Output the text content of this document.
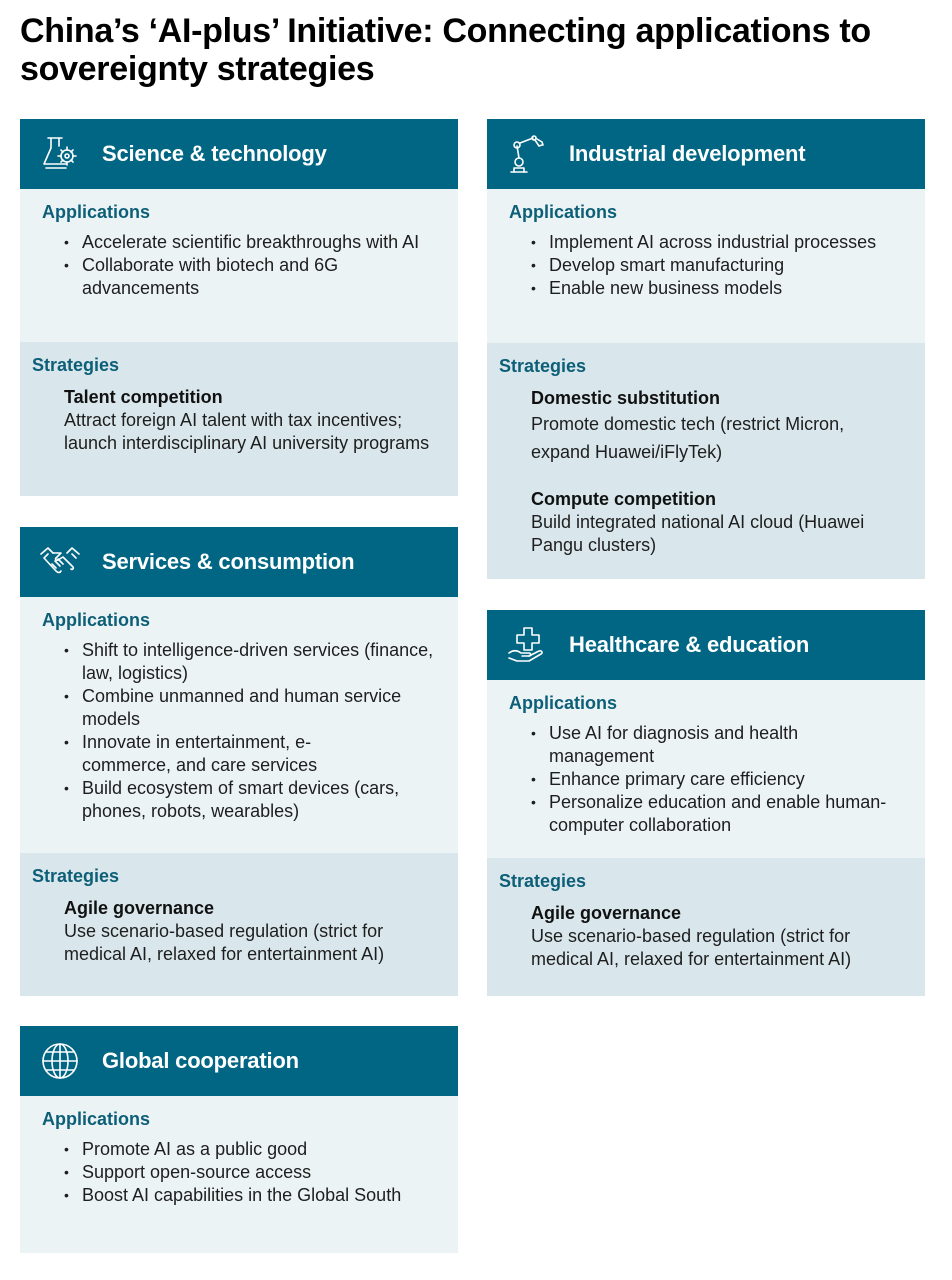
China’s ‘AI-plus’ Initiative: Connecting applications to sovereignty strategies
Science & technology
Applications
• Accelerate scientific breakthroughs with AI
• Collaborate with biotech and 6G advancements
Strategies
Talent competition
Attract foreign AI talent with tax incentives; launch interdisciplinary AI university programs
Industrial development
Applications
• Implement AI across industrial processes
• Develop smart manufacturing
• Enable new business models
Strategies
Domestic substitution
Promote domestic tech (restrict Micron, expand Huawei/iFlyTek)
Compute competition
Build integrated national AI cloud (Huawei Pangu clusters)
Services & consumption
Applications
• Shift to intelligence-driven services (finance, law, logistics)
• Combine unmanned and human service models
• Innovate in entertainment, e-commerce, and care services
• Build ecosystem of smart devices (cars, phones, robots, wearables)
Strategies
Agile governance
Use scenario-based regulation (strict for medical AI, relaxed for entertainment AI)
Healthcare & education
Applications
• Use AI for diagnosis and health management
• Enhance primary care efficiency
• Personalize education and enable human-computer collaboration
Strategies
Agile governance
Use scenario-based regulation (strict for medical AI, relaxed for entertainment AI)
Global cooperation
Applications
• Promote AI as a public good
• Support open-source access
• Boost AI capabilities in the Global South
